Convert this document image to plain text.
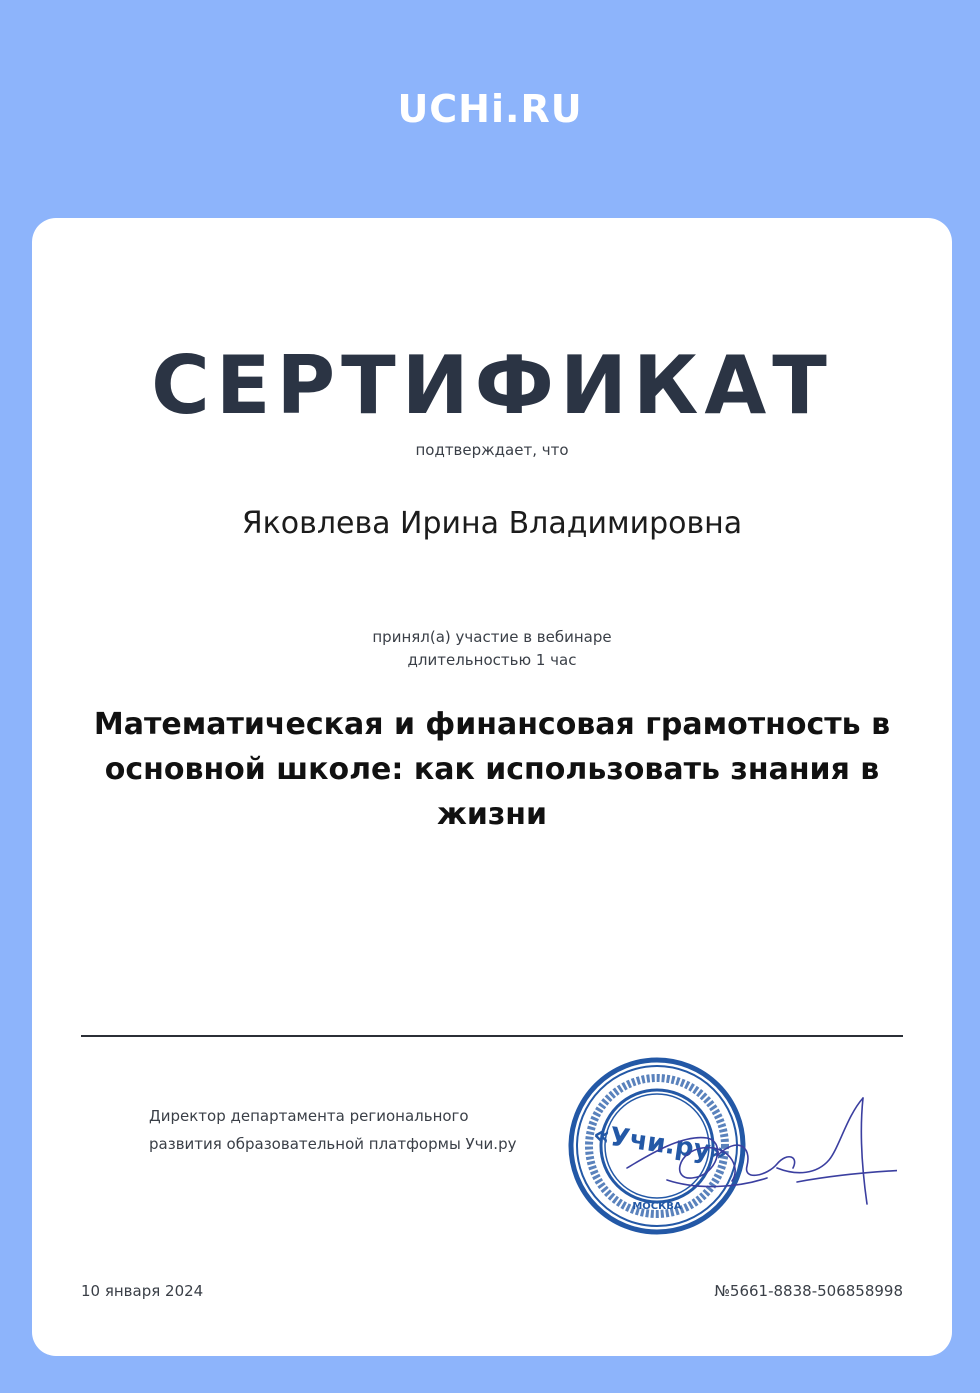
UCHi.RU
СЕРТИФИКАТ
подтверждает, что
Яковлева Ирина Владимировна
принял(а) участие в вебинаре
длительностью 1 час
Математическая и финансовая грамотность в основной школе: как использовать знания в жизни
Директор департамента регионального
развития образовательной платформы Учи.ру
МОСКВА
«Учи.ру»
10 января 2024	№5661-8838-506858998
